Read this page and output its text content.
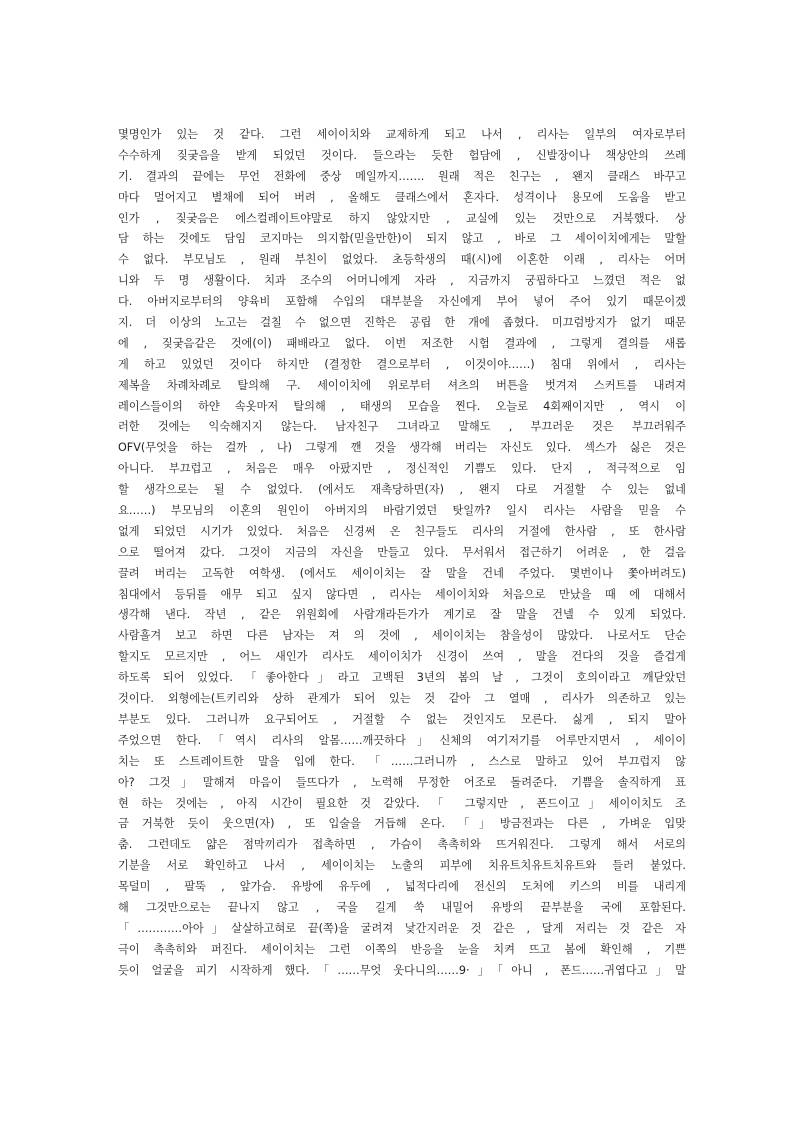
몇명인가 있는 것 같다. 그런 세이이치와 교제하게 되고 나서 , 리사는 일부의 여자로부터
수수하게 짖궂음을 받게 되었던 것이다. 들으라는 듯한 험담에 , 신발장이나 책상안의 쓰레
기. 결과의 끝에는 무언 전화에 중상 메일까지……. 원래 적은 친구는 , 왠지 클래스 바꾸고
마다 멀어지고 별채에 되어 버려 , 올해도 클래스에서 혼자다. 성격이나 용모에 도움을 받고
인가 , 짖궂음은 에스컬레이트야말로 하지 않았지만 , 교실에 있는 것만으로 거북했다. 상
담 하는 것에도 담임 코지마는 의지함(믿을만한)이 되지 않고 , 바로 그 세이이치에게는 말할
수 없다. 부모님도 , 원래 부친이 없었다. 초등학생의 때(시)에 이혼한 이래 , 리사는 어머
니와 두 명 생활이다. 치과 조수의 어머니에게 자라 , 지금까지 궁핍하다고 느꼈던 적은 없
다. 아버지로부터의 양육비 포함해 수입의 대부분을 자신에게 부어 넣어 주어 있기 때문이겠
지. 더 이상의 노고는 걸칠 수 없으면 진학은 공립 한 개에 좁혔다. 미끄럼방지가 없기 때문
에 , 짖궂음같은 것에(이) 패배라고 없다. 이번 저조한 시험 결과에 , 그렇게 결의를 새롭
게 하고 있었던 것이다 하지만 (결정한 결으로부터 , 이것이야……) 침대 위에서 , 리사는
제복을 차례차례로 탈의해 구. 세이이치에 위로부터 셔츠의 버튼을 벗겨져 스커트를 내려져
레이스들이의 하얀 속옷마저 탈의해 , 태생의 모습을 찐다. 오늘로 4회째이지만 , 역시 이
러한 것에는 익숙해지지 않는다. 남자친구 그녀라고 말해도 , 부끄러운 것은 부끄러워주
OFV(무엇을 하는 걸까 , 나) 그렇게 깬 것을 생각해 버리는 자신도 있다. 섹스가 싫은 것은
아니다. 부끄럽고 , 처음은 매우 아팠지만 , 정신적인 기쁨도 있다. 단지 , 적극적으로 임
할 생각으로는 될 수 없었다. (에서도 재촉당하면(자) , 왠지 다로 거절할 수 있는 없네
요……) 부모님의 이혼의 원인이 아버지의 바람기였던 탓일까? 일시 리사는 사람을 믿을 수
없게 되었던 시기가 있었다. 처음은 신경써 온 친구들도 리사의 거절에 한사람 , 또 한사람
으로 떨어져 갔다. 그것이 지금의 자신을 만들고 있다. 무서워서 접근하기 어려운 , 한 걸음
끌려 버리는 고독한 여학생. (에서도 세이이치는 잘 말을 건네 주었다. 몇번이나 쫓아버려도)
침대에서 등뒤를 애무 되고 싶지 않다면 , 리사는 세이이치와 처음으로 만났을 때 에 대해서
생각해 낸다. 작년 , 같은 위원회에 사람개라든가가 계기로 잘 말을 건넬 수 있게 되었다.
사람흘겨 보고 하면 다른 남자는 져 의 것에 , 세이이치는 참을성이 많았다. 나로서도 단순
할지도 모르지만 , 어느 새인가 리사도 세이이치가 신경이 쓰여 , 말을 건다의 것을 즐겁게
하도록 되어 있었다. 「좋아한다」라고 고백된 3년의 봄의 날 , 그것이 호의이라고 깨닫았던
것이다. 외형에는(트키리와 상하 관계가 되어 있는 것 같아 그 열매 , 리사가 의존하고 있는
부분도 있다. 그러니까 요구되어도 , 거절할 수 없는 것인지도 모른다. 싫게 , 되지 말아
주었으면 한다.「역시 리사의 알몸……깨끗하다」신체의 여기저기를 어루만지면서 , 세이이
치는 또 스트레이트한 말을 입에 한다. 「……그러니까 , 스스로 말하고 있어 부끄럽지 않
아? 그것」말해져 마음이 들뜨다가 , 노력해 무정한 어조로 돌려준다. 기쁨을 솔직하게 표
현 하는 것에는 , 아직 시간이 필요한 것 같았다. 「 그렇지만 , 폰드이고」세이이치도 조
금 거북한 듯이 웃으면(자) , 또 입술을 거듭해 온다. 「」방금전과는 다른 , 가벼운 입맞
춤. 그런데도 얇은 점막끼리가 접촉하면 , 가슴이 촉촉히와 뜨거워진다. 그렇게 해서 서로의
기분을 서로 확인하고 나서 , 세이이치는 노출의 피부에 치유트치유트치유트와 들러 붙었다.
목덜미 , 팔뚝 , 앞가슴. 유방에 유두에 , 넓적다리에 전신의 도처에 키스의 비를 내리게
해 그것만으로는 끝나지 않고 , 국을 길게 쑥 내밀어 유방의 끝부분을 국에 포함된다.
「…………아아」살살하고혀로 끝(쪽)을 굴려져 낯간지러운 것 같은 , 달게 저리는 것 같은 자
극이 촉촉히와 퍼진다. 세이이치는 그런 이쪽의 반응을 눈을 치켜 뜨고 봄에 확인해 , 기쁜
듯이 얼굴을 피기 시작하게 했다.「……무엇 웃다니의……9·」「아니 , 폰드……귀엽다고」말
